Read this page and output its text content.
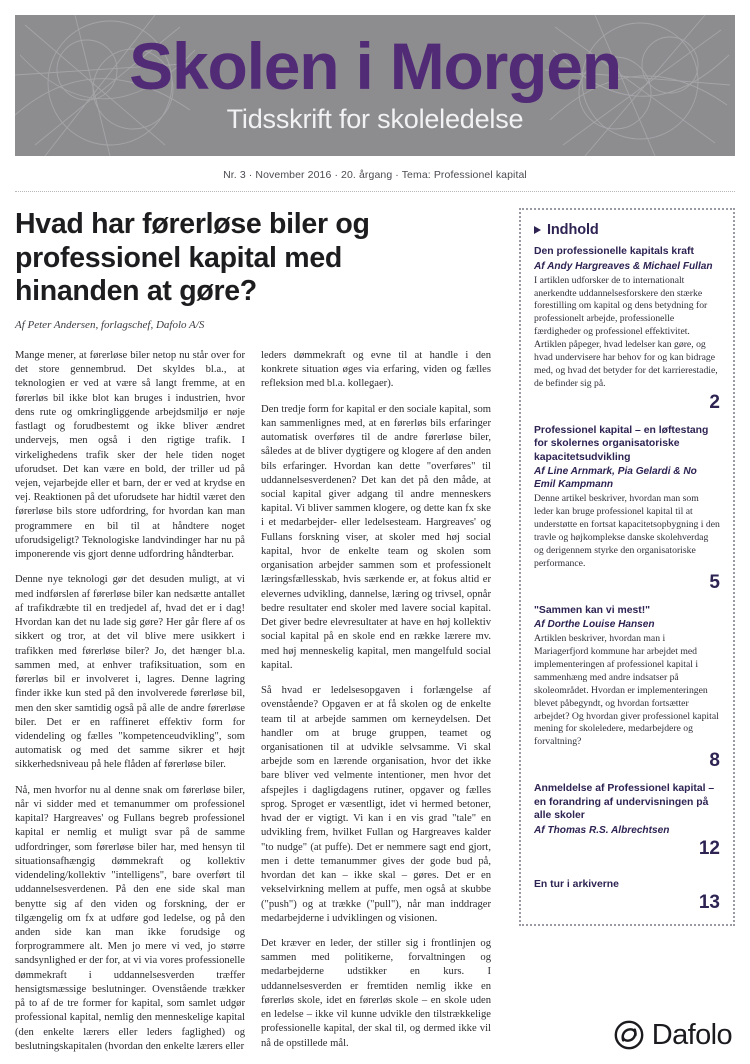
Skolen i Morgen
Tidsskrift for skoleledelse
Nr. 3 · November 2016 · 20. årgang · Tema: Professionel kapital
Hvad har førerløse biler og professionel kapital med hinanden at gøre?
Af Peter Andersen, forlagschef, Dafolo A/S

Mange mener, at førerløse biler netop nu står over for det store gennembrud. Det skyldes bl.a., at teknologien er ved at være så langt fremme, at en førerløs bil ikke blot kan bruges i industrien, hvor dens rute og omkringliggende arbejdsmiljø er nøje fastlagt og forudbestemt og ikke bliver ændret undervejs, men også i den rigtige trafik. I virkelighedens trafik sker der hele tiden noget uforudset. Det kan være en bold, der triller ud på vejen, vejarbejde eller et barn, der er ved at krydse en vej. Reaktionen på det uforudsete har hidtil været den førerløse bils store udfordring, for hvordan kan man programmere en bil til at håndtere noget uforudsigeligt? Teknologiske landvindinger har nu på imponerende vis gjort denne udfordring håndterbar.

Denne nye teknologi gør det desuden muligt, at vi med indførslen af førerløse biler kan nedsætte antallet af trafikdræbte til en tredjedel af, hvad det er i dag! Hvordan kan det nu lade sig gøre? Her går flere af os sikkert og tror, at det vil blive mere usikkert i trafikken med førerløse biler? Jo, det hænger bl.a. sammen med, at enhver trafiksituation, som en førerløs bil er involveret i, lagres. Denne lagring finder ikke kun sted på den involverede førerløse bil, men den sker samtidig også på alle de andre førerløse biler. Det er en raffineret effektiv form for videndeling og fælles "kompetenceudvikling", som automatisk og med det samme sikrer et højt sikkerhedsniveau på hele flåden af førerløse biler.

Nå, men hvorfor nu al denne snak om førerløse biler, når vi sidder med et temanummer om professionel kapital? Hargreaves' og Fullans begreb professionel kapital er nemlig et muligt svar på de samme udfordringer, som førerløse biler har, med hensyn til situationsafhængig dømmekraft og kollektiv videndeling/kollektiv "intelligens", bare overført til uddannelsesverdenen. På den ene side skal man benytte sig af den viden og forskning, der er tilgængelig om fx at udføre god ledelse, og på den anden side kan man ikke forudsige og forprogrammere alt. Men jo mere vi ved, jo større sandsynlighed er der for, at vi via vores professionelle dømmekraft i uddannelsesverden træffer hensigtsmæssige beslutninger. Ovenstående trækker på to af de tre former for kapital, som samlet udgør professional kapital, nemlig den menneskelige kapital (den enkelte lærers eller leders faglighed) og beslutningskapitalen (hvordan den enkelte lærers eller

leders dømmekraft og evne til at handle i den konkrete situation øges via erfaring, viden og fælles refleksion med bl.a. kollegaer).

Den tredje form for kapital er den sociale kapital, som kan sammenlignes med, at en førerløs bils erfaringer automatisk overføres til de andre førerløse biler, således at de bliver dygtigere og klogere af den anden bils erfaringer. Hvordan kan dette "overføres" til uddannelsesverdenen? Det kan det på den måde, at social kapital giver adgang til andre menneskers kapital. Vi bliver sammen klogere, og dette kan fx ske i et medarbejder- eller ledelsesteam. Hargreaves' og Fullans forskning viser, at skoler med høj social kapital, hvor de enkelte team og skolen som organisation arbejder sammen som et professionelt læringsfællesskab, hvis særkende er, at fokus altid er elevernes udvikling, dannelse, læring og trivsel, opnår bedre resultater end skoler med lavere social kapital. Det giver bedre elevresultater at have en høj kollektiv social kapital på en skole end en række lærere mv. med høj menneskelig kapital, men mangelfuld social kapital.

Så hvad er ledelsesopgaven i forlængelse af ovenstående? Opgaven er at få skolen og de enkelte team til at arbejde sammen om kerneydelsen. Det handler om at bruge gruppen, teamet og organisationen til at udvikle selvsamme. Vi skal arbejde som en lærende organisation, hvor det ikke bare bliver ved velmente intentioner, men hvor det afspejles i dagligdagens rutiner, opgaver og fælles sprog. Sproget er væsentligt, idet vi hermed betoner, hvad der er vigtigt. Vi kan i en vis grad "tale" en udvikling frem, hvilket Fullan og Hargreaves kalder "to nudge" (at puffe). Det er nemmere sagt end gjort, men i dette temanummer gives der gode bud på, hvordan det kan – ikke skal – gøres. Det er en vekselvirkning mellem at puffe, men også at skubbe ("push") og at trække ("pull"), når man inddrager medarbejderne i udviklingen og visionen.

Det kræver en leder, der stiller sig i frontlinjen og sammen med politikerne, forvaltningen og medarbejderne udstikker en kurs. I uddannelsesverden er fremtiden nemlig ikke en førerløs skole, idet en førerløs skole – en skole uden en ledelse – ikke vil kunne udvikle den tilstrækkelige professionelle kapital, der skal til, og dermed ikke vil nå de opstillede mål.

Indhold
Den professionelle kapitals kraft
Af Andy Hargreaves & Michael Fullan
I artiklen udforsker de to internationalt anerkendte uddannelsesforskere den stærke forestilling om kapital og dens betydning for professionelt arbejde, professionelle færdigheder og professionel effektivitet. Artiklen påpeger, hvad ledelser kan gøre, og hvad undervisere har behov for og kan bidrage med, og hvad det betyder for det karrierestadie, de befinder sig på.
2
Professionel kapital – en løftestang for skolernes organisatoriske kapacitetsudvikling
Af Line Arnmark, Pia Gelardi & No Emil Kampmann
Denne artikel beskriver, hvordan man som leder kan bruge professionel kapital til at understøtte en fortsat kapacitetsopbygning i den travle og højkomplekse danske skolehverdag og derigennem styrke den organisatoriske performance.
5
"Sammen kan vi mest!"
Af Dorthe Louise Hansen
Artiklen beskriver, hvordan man i Mariagerfjord kommune har arbejdet med implementeringen af professionel kapital i sammenhæng med andre indsatser på skoleområdet. Hvordan er implementeringen blevet påbegyndt, og hvordan fortsætter arbejdet? Og hvordan giver professionel kapital mening for skoleledere, medarbejdere og forvaltning?
8
Anmeldelse af Professionel kapital – en forandring af undervisningen på alle skoler
Af Thomas R.S. Albrechtsen
12
En tur i arkiverne
13
Dafolo
